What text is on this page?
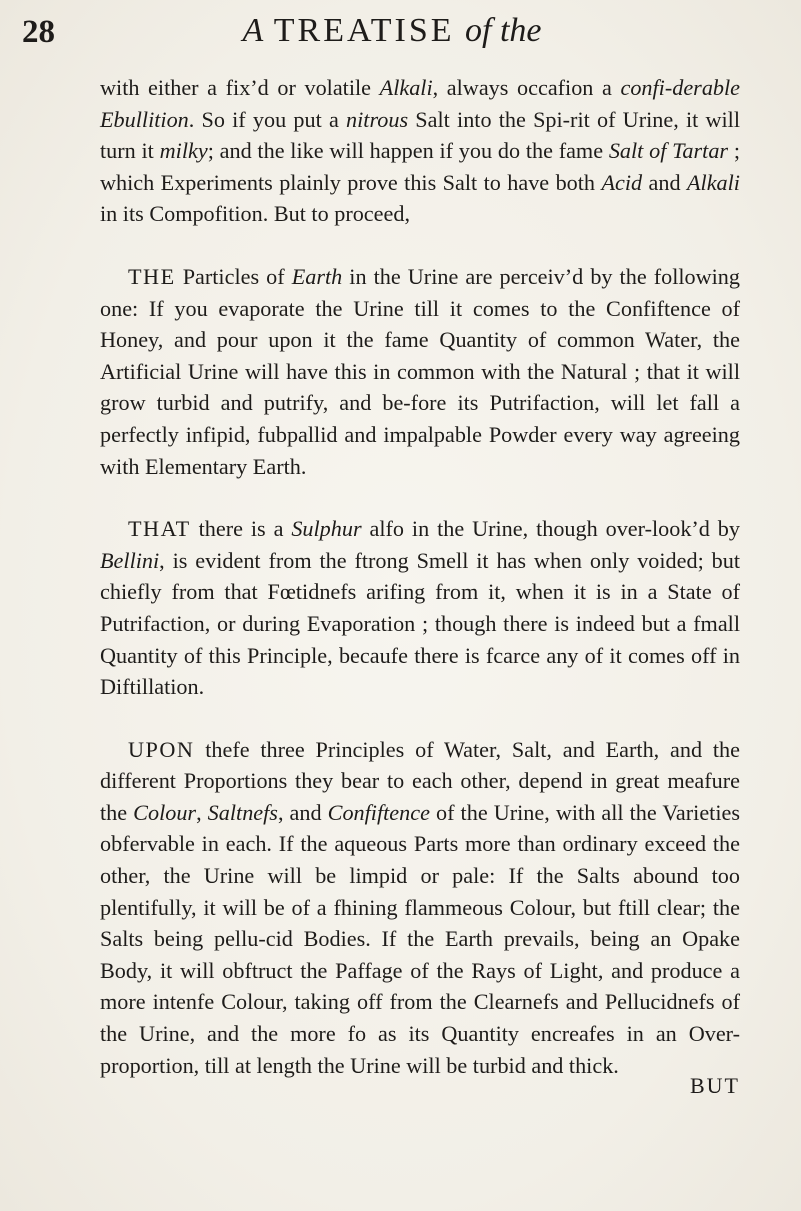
28	A TREATISE of the

with either a fix’d or volatile Alkali, always occafion a confi-derable Ebullition. So if you put a nitrous Salt into the Spi-rit of Urine, it will turn it milky; and the like will happen if you do the fame Salt of Tartar ; which Experiments plainly prove this Salt to have both Acid and Alkali in its Compofition. But to proceed,

THE Particles of Earth in the Urine are perceiv’d by the following one: If you evaporate the Urine till it comes to the Confiftence of Honey, and pour upon it the fame Quantity of common Water, the Artificial Urine will have this in common with the Natural ; that it will grow turbid and putrify, and be-fore its Putrifaction, will let fall a perfectly infipid, fubpallid and impalpable Powder every way agreeing with Elementary Earth.

THAT there is a Sulphur alfo in the Urine, though over-look’d by Bellini, is evident from the ftrong Smell it has when only voided; but chiefly from that Fœtidnefs arifing from it, when it is in a State of Putrifaction, or during Evaporation ; though there is indeed but a fmall Quantity of this Principle, becaufe there is fcarce any of it comes off in Diftillation.

UPON thefe three Principles of Water, Salt, and Earth, and the different Proportions they bear to each other, depend in great meafure the Colour, Saltnefs, and Confiftence of the Urine, with all the Varieties obfervable in each. If the aqueous Parts more than ordinary exceed the other, the Urine will be limpid or pale: If the Salts abound too plentifully, it will be of a fhining flammeous Colour, but ftill clear; the Salts being pellu-cid Bodies. If the Earth prevails, being an Opake Body, it will obftruct the Paffage of the Rays of Light, and produce a more intenfe Colour, taking off from the Clearnefs and Pellucidnefs of the Urine, and the more fo as its Quantity encreafes in an Over-proportion, till at length the Urine will be turbid and thick.

BUT
